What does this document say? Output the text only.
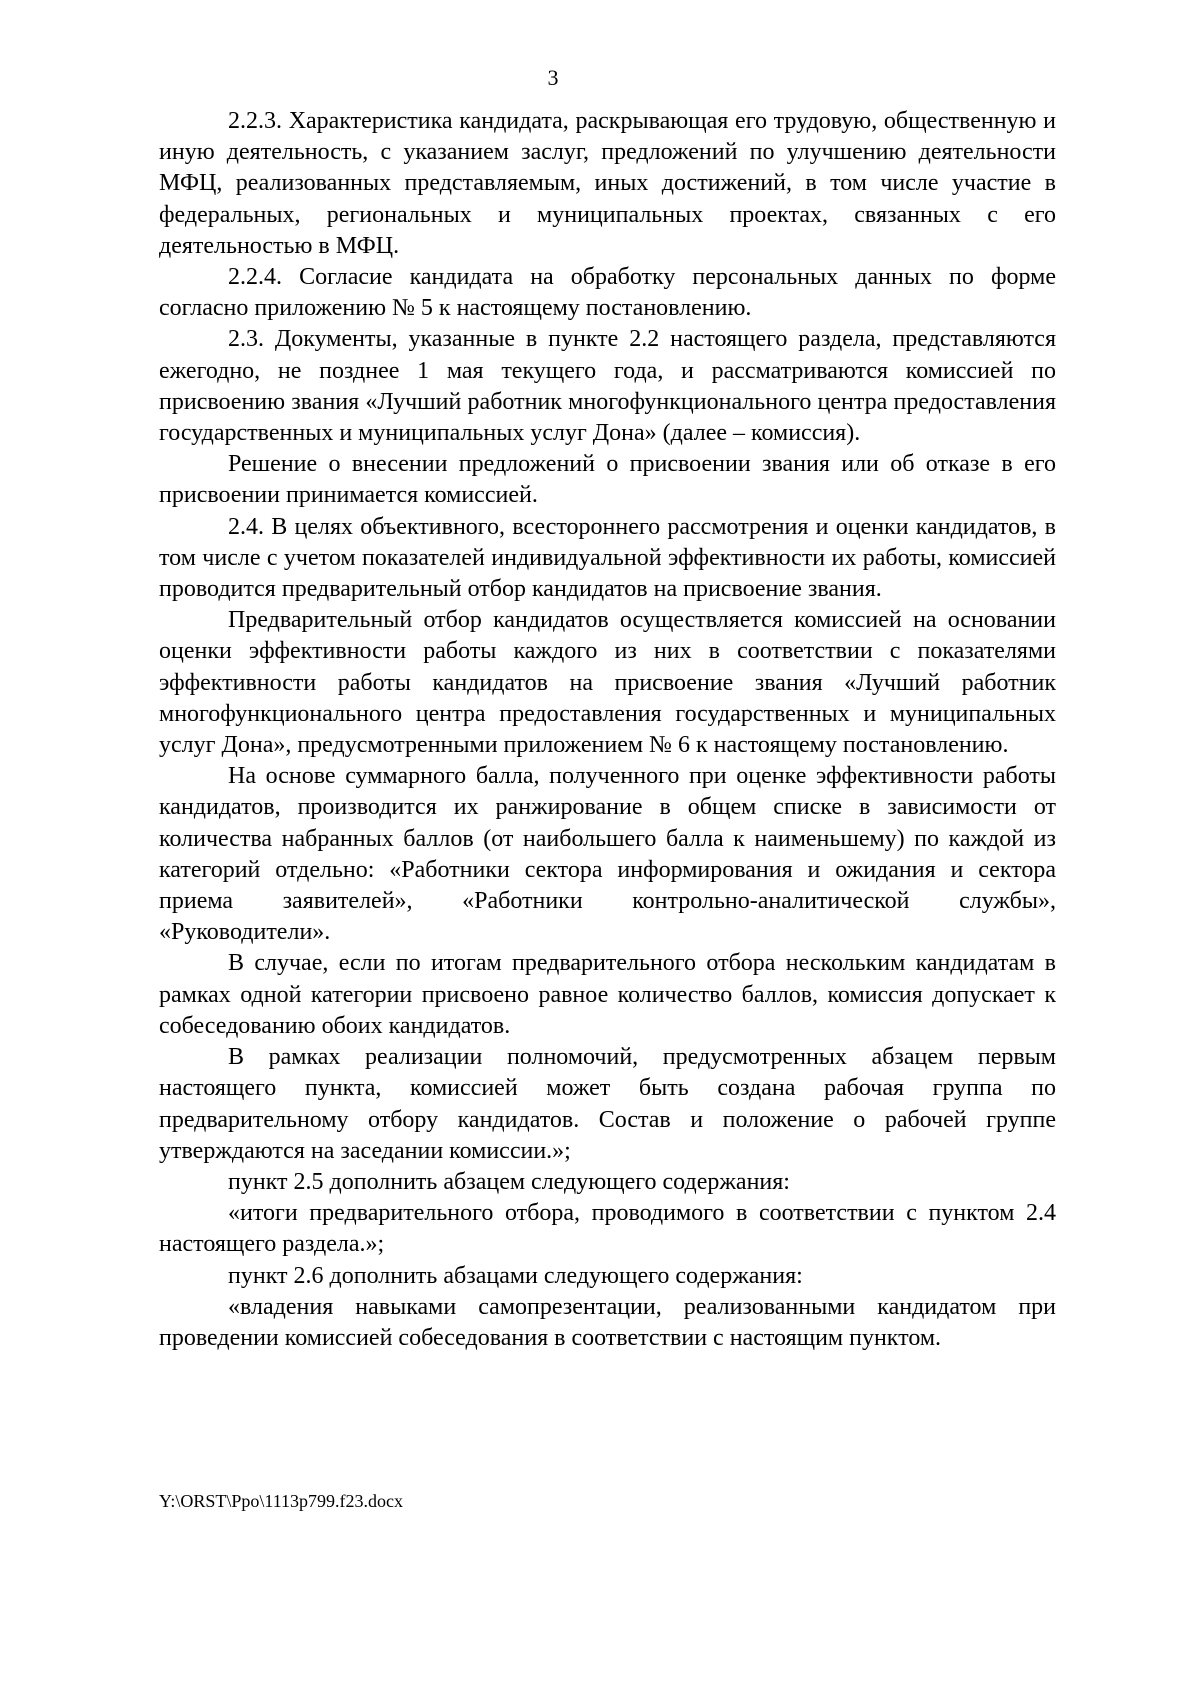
3

2.2.3. Характеристика кандидата, раскрывающая его трудовую, общественную и иную деятельность, с указанием заслуг, предложений по улучшению деятельности МФЦ, реализованных представляемым, иных достижений, в том числе участие в федеральных, региональных и муниципальных проектах, связанных с его деятельностью в МФЦ.

2.2.4. Согласие кандидата на обработку персональных данных по форме согласно приложению № 5 к настоящему постановлению.

2.3. Документы, указанные в пункте 2.2 настоящего раздела, представляются ежегодно, не позднее 1 мая текущего года, и рассматриваются комиссией по присвоению звания «Лучший работник многофункционального центра предоставления государственных и муниципальных услуг Дона» (далее – комиссия).

Решение о внесении предложений о присвоении звания или об отказе в его присвоении принимается комиссией.

2.4. В целях объективного, всестороннего рассмотрения и оценки кандидатов, в том числе с учетом показателей индивидуальной эффективности их работы, комиссией проводится предварительный отбор кандидатов на присвоение звания.

Предварительный отбор кандидатов осуществляется комиссией на основании оценки эффективности работы каждого из них в соответствии с показателями эффективности работы кандидатов на присвоение звания «Лучший работник многофункционального центра предоставления государственных и муниципальных услуг Дона», предусмотренными приложением № 6 к настоящему постановлению.

На основе суммарного балла, полученного при оценке эффективности работы кандидатов, производится их ранжирование в общем списке в зависимости от количества набранных баллов (от наибольшего балла к наименьшему) по каждой из категорий отдельно: «Работники сектора информирования и ожидания и сектора приема заявителей», «Работники контрольно-аналитической службы», «Руководители».

В случае, если по итогам предварительного отбора нескольким кандидатам в рамках одной категории присвоено равное количество баллов, комиссия допускает к собеседованию обоих кандидатов.

В рамках реализации полномочий, предусмотренных абзацем первым настоящего пункта, комиссией может быть создана рабочая группа по предварительному отбору кандидатов. Состав и положение о рабочей группе утверждаются на заседании комиссии.»;

пункт 2.5 дополнить абзацем следующего содержания:

«итоги предварительного отбора, проводимого в соответствии с пунктом 2.4 настоящего раздела.»;

пункт 2.6 дополнить абзацами следующего содержания:

«владения навыками самопрезентации, реализованными кандидатом при проведении комиссией собеседования в соответствии с настоящим пунктом.

Y:\ORST\Ppo\1113p799.f23.docx
